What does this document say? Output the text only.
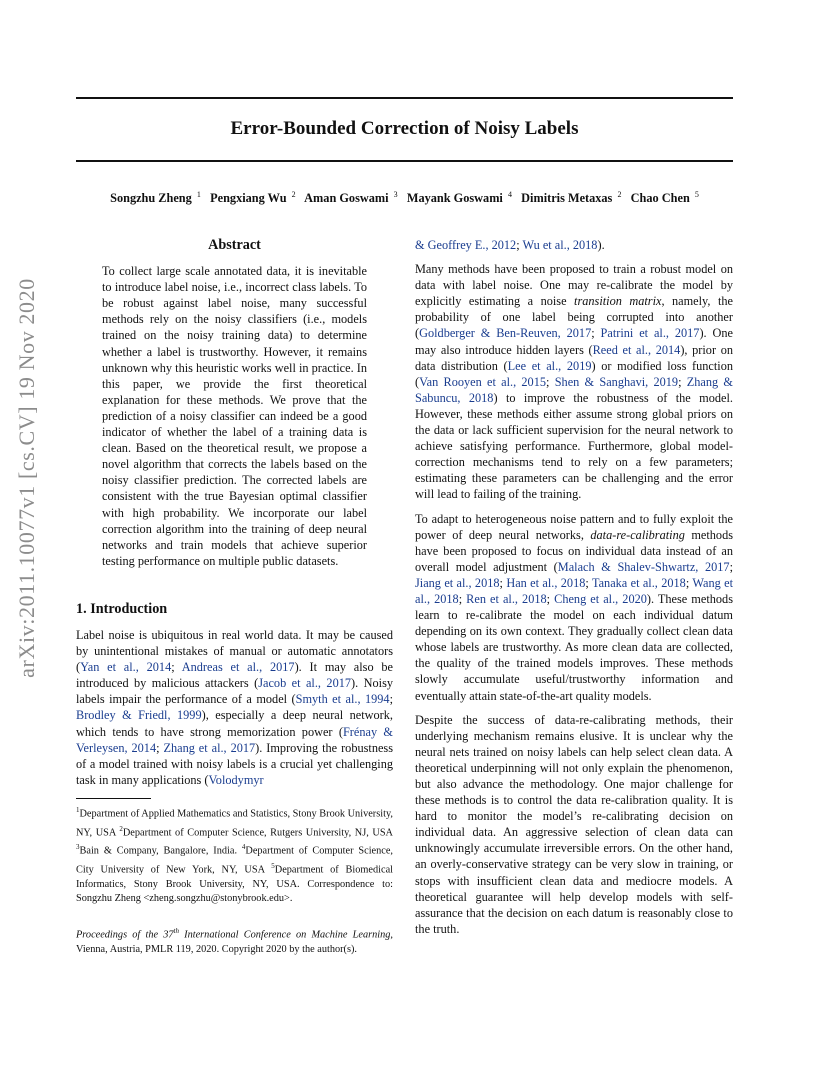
Error-Bounded Correction of Noisy Labels
Songzhu Zheng  $^1$  Pengxiang Wu  $^2$  Aman Goswami  $^3$  Mayank Goswami  $^4$  Dimitris Metaxas  $^2$  Chao Chen  $^5$
arXiv:2011.10077v1 [cs.CV] 19 Nov 2020
Abstract

To collect large scale annotated data, it is inevitable to introduce label noise, i.e., incorrect class labels. To be robust against label noise, many successful methods rely on the noisy classifiers (i.e., models trained on the noisy training data) to determine whether a label is trustworthy. However, it remains unknown why this heuristic works well in practice. In this paper, we provide the first theoretical explanation for these methods. We prove that the prediction of a noisy classifier can indeed be a good indicator of whether the label of a training data is clean. Based on the theoretical result, we propose a novel algorithm that corrects the labels based on the noisy classifier prediction. The corrected labels are consistent with the true Bayesian optimal classifier with high probability. We incorporate our label correction algorithm into the training of deep neural networks and train models that achieve superior testing performance on multiple public datasets.

1. Introduction

Label noise is ubiquitous in real world data. It may be caused by unintentional mistakes of manual or automatic annotators (Yan et al., 2014; Andreas et al., 2017). It may also be introduced by malicious attackers (Jacob et al., 2017). Noisy labels impair the performance of a model (Smyth et al., 1994; Brodley & Friedl, 1999), especially a deep neural network, which tends to have strong memorization power (Frénay & Verleysen, 2014; Zhang et al., 2017). Improving the robustness of a model trained with noisy labels is a crucial yet challenging task in many applications (Volodymyr

$^1$Department of Applied Mathematics and Statistics, Stony Brook University, NY, USA $^2$Department of Computer Science, Rutgers University, NJ, USA $^3$Bain & Company, Bangalore, India. $^4$Department of Computer Science, City University of New York, NY, USA $^5$Department of Biomedical Informatics, Stony Brook University, NY, USA. Correspondence to: Songzhu Zheng <zheng.songzhu@stonybrook.edu>.

Proceedings of the 37th International Conference on Machine Learning, Vienna, Austria, PMLR 119, 2020. Copyright 2020 by the author(s).

& Geoffrey E., 2012; Wu et al., 2018).

Many methods have been proposed to train a robust model on data with label noise. One may re-calibrate the model by explicitly estimating a noise transition matrix, namely, the probability of one label being corrupted into another (Goldberger & Ben-Reuven, 2017; Patrini et al., 2017). One may also introduce hidden layers (Reed et al., 2014), prior on data distribution (Lee et al., 2019) or modified loss function (Van Rooyen et al., 2015; Shen & Sanghavi, 2019; Zhang & Sabuncu, 2018) to improve the robustness of the model. However, these methods either assume strong global priors on the data or lack sufficient supervision for the neural network to achieve satisfying performance. Furthermore, global model-correction mechanisms tend to rely on a few parameters; estimating these parameters can be challenging and the error will lead to failing of the training.

To adapt to heterogeneous noise pattern and to fully exploit the power of deep neural networks, data-re-calibrating methods have been proposed to focus on individual data instead of an overall model adjustment (Malach & Shalev-Shwartz, 2017; Jiang et al., 2018; Han et al., 2018; Tanaka et al., 2018; Wang et al., 2018; Ren et al., 2018; Cheng et al., 2020). These methods learn to re-calibrate the model on each individual datum depending on its own context. They gradually collect clean data whose labels are trustworthy. As more clean data are collected, the quality of the trained models improves. These methods slowly accumulate useful/trustworthy information and eventually attain state-of-the-art quality models.

Despite the success of data-re-calibrating methods, their underlying mechanism remains elusive. It is unclear why the neural nets trained on noisy labels can help select clean data. A theoretical underpinning will not only explain the phenomenon, but also advance the methodology. One major challenge for these methods is to control the data re-calibration quality. It is hard to monitor the model’s re-calibrating decision on individual data. An aggressive selection of clean data can unknowingly accumulate irreversible errors. On the other hand, an overly-conservative strategy can be very slow in training, or stops with insufficient clean data and mediocre models. A theoretical guarantee will help develop models with self-assurance that the decision on each datum is reasonably close to the truth.
